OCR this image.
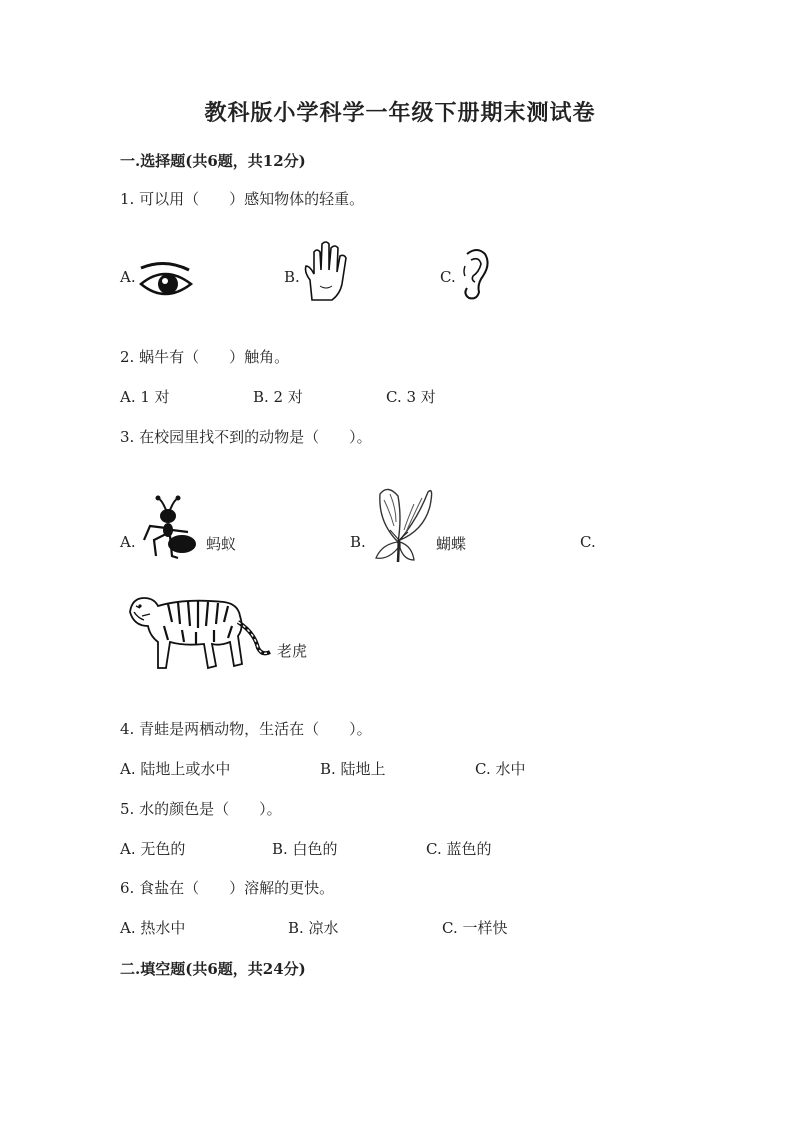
教科版小学科学一年级下册期末测试卷
一.选择题(共6题，共12分)
1. 可以用（　　）感知物体的轻重。
A.	B.	C.
2. 蜗牛有（　　）触角。
A. 1 对	B. 2 对	C. 3 对
3. 在校园里找不到的动物是（　　）。
A.	蚂蚁	B.	蝴蝶	C.
老虎
4. 青蛙是两栖动物，生活在（　　）。
A. 陆地上或水中	B. 陆地上	C. 水中
5. 水的颜色是（　　）。
A. 无色的	B. 白色的	C. 蓝色的
6. 食盐在（　　）溶解的更快。
A. 热水中	B. 凉水	C. 一样快
二.填空题(共6题，共24分)
